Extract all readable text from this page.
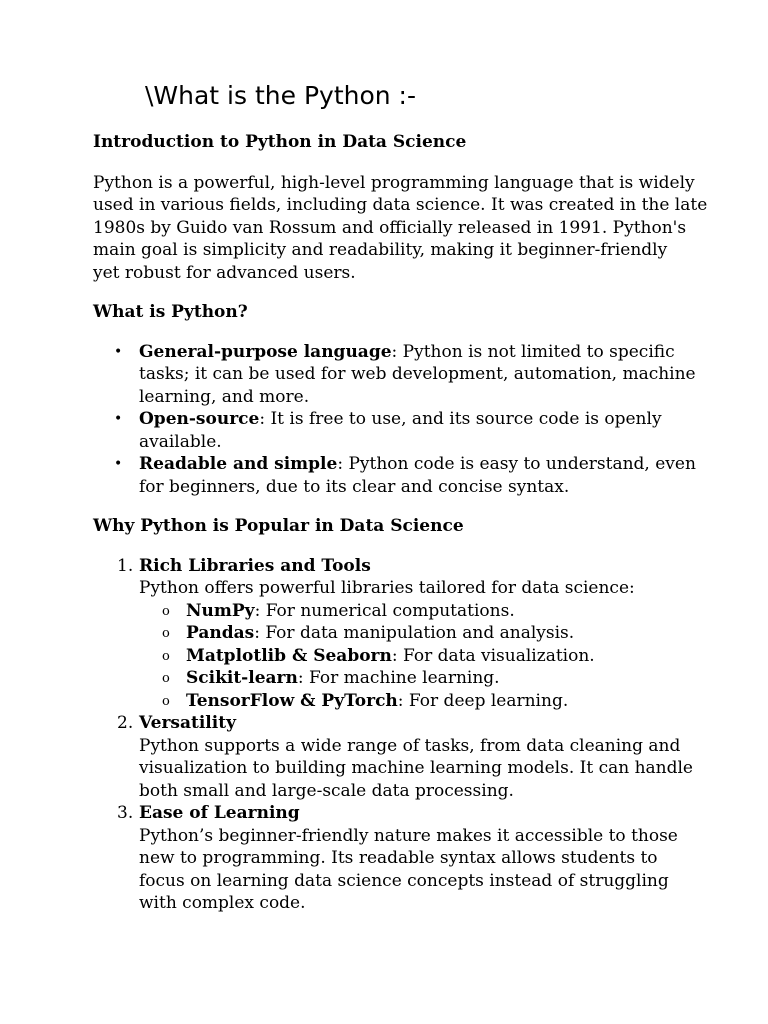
\What is the Python :-
Introduction to Python in Data Science

Python is a powerful, high-level programming language that is widely
used in various fields, including data science. It was created in the late
1980s by Guido van Rossum and officially released in 1991. Python's
main goal is simplicity and readability, making it beginner-friendly
yet robust for advanced users.

What is Python?
• General-purpose language: Python is not limited to specific
tasks; it can be used for web development, automation, machine
learning, and more.
• Open-source: It is free to use, and its source code is openly
available.
• Readable and simple: Python code is easy to understand, even
for beginners, due to its clear and concise syntax.
Why Python is Popular in Data Science
1. Rich Libraries and Tools
Python offers powerful libraries tailored for data science:
o NumPy: For numerical computations.
o Pandas: For data manipulation and analysis.
o Matplotlib & Seaborn: For data visualization.
o Scikit-learn: For machine learning.
o TensorFlow & PyTorch: For deep learning.
2. Versatility
Python supports a wide range of tasks, from data cleaning and
visualization to building machine learning models. It can handle
both small and large-scale data processing.
3. Ease of Learning
Python’s beginner-friendly nature makes it accessible to those
new to programming. Its readable syntax allows students to
focus on learning data science concepts instead of struggling
with complex code.
